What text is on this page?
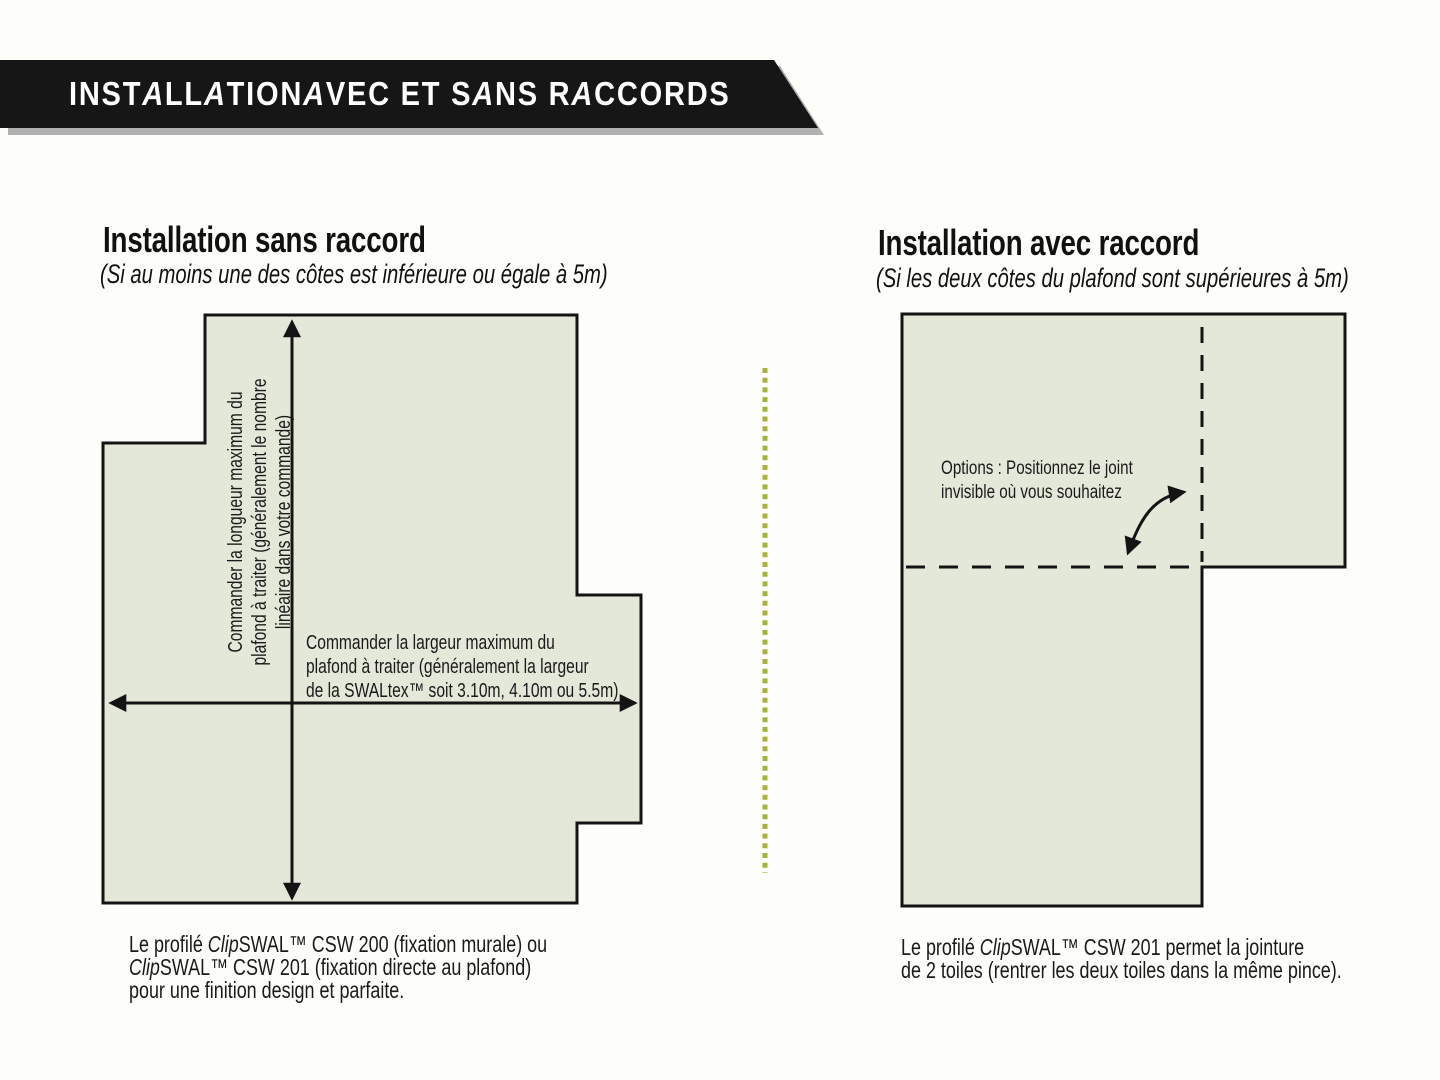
INST A LL A TION A VEC ET S A NS R A CCORDS
Installation sans raccord
(Si au moins une des côtes est inférieure ou égale à 5m)
Commander la longueur maximum du plafond à traiter (généralement le nombre linéaire dans votre commande)
Commander la largeur maximum du
plafond à traiter (généralement la largeur
de la SWALtex™ soit 3.10m, 4.10m ou 5.5m)
Le profilé ClipSWAL™ CSW 200 (fixation murale) ou
ClipSWAL™ CSW 201 (fixation directe au plafond)
pour une finition design et parfaite.
Installation avec raccord
(Si les deux côtes du plafond sont supérieures à 5m)
Options : Positionnez le joint
invisible où vous souhaitez
Le profilé ClipSWAL™ CSW 201 permet la jointure
de 2 toiles (rentrer les deux toiles dans la même pince).
